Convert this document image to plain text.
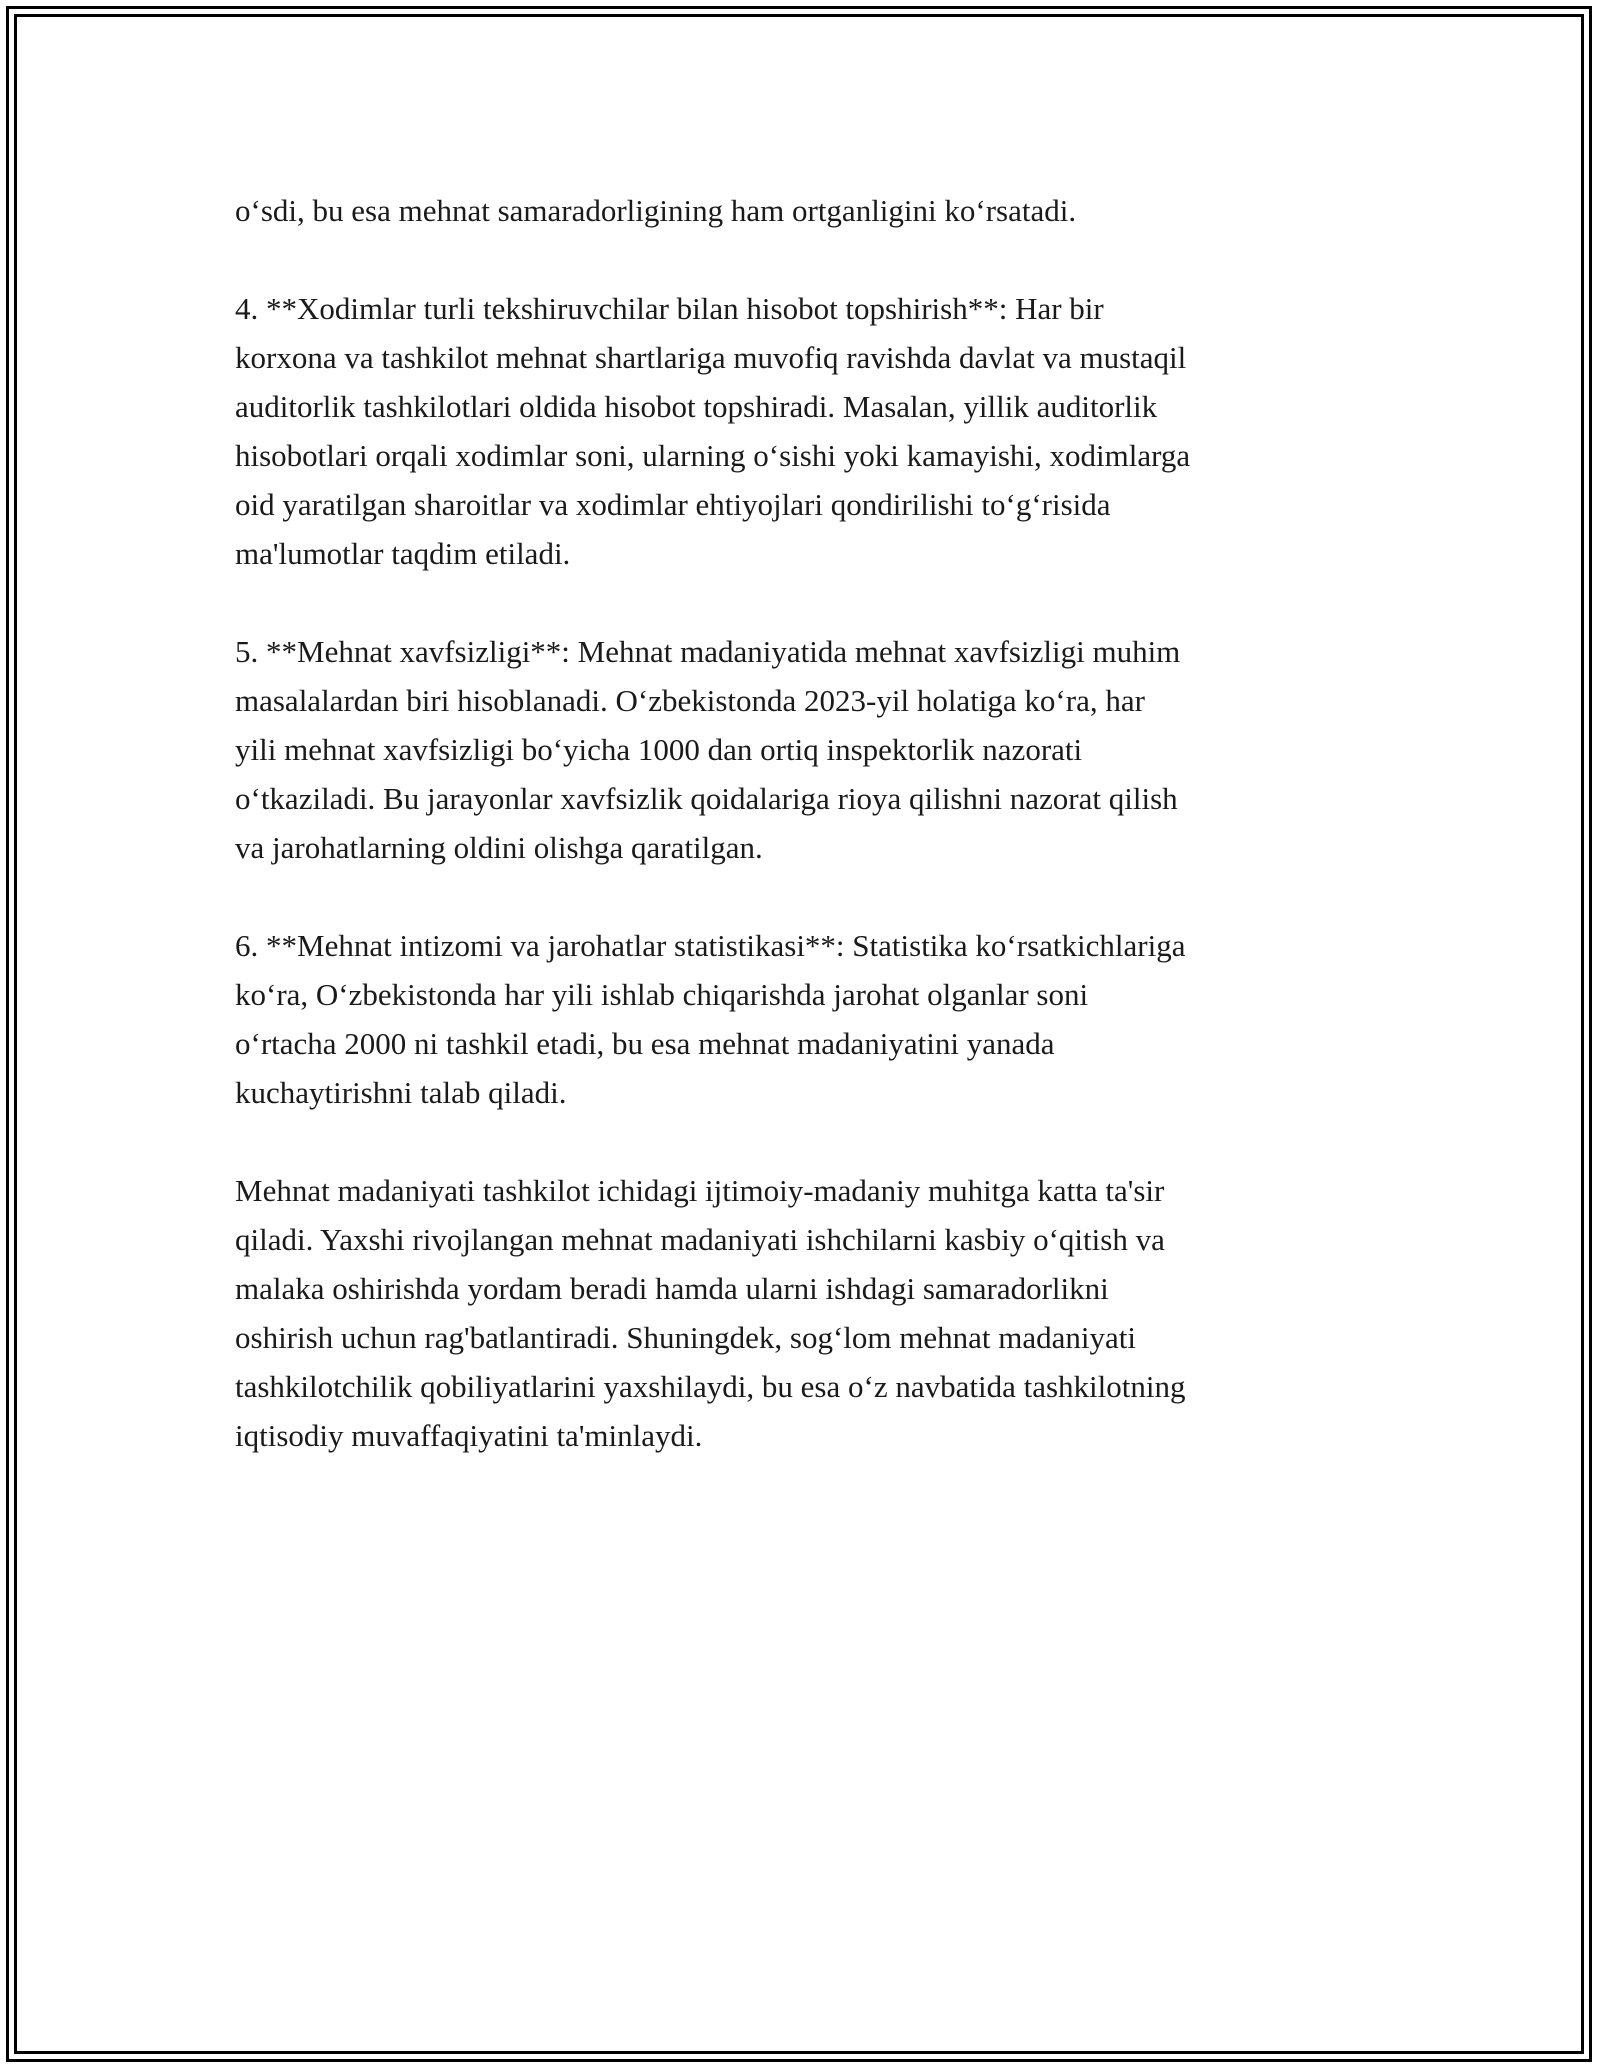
o‘sdi, bu esa mehnat samaradorligining ham ortganligini ko‘rsatadi.

4. **Xodimlar turli tekshiruvchilar bilan hisobot topshirish**: Har bir
korxona va tashkilot mehnat shartlariga muvofiq ravishda davlat va mustaqil
auditorlik tashkilotlari oldida hisobot topshiradi. Masalan, yillik auditorlik
hisobotlari orqali xodimlar soni, ularning o‘sishi yoki kamayishi, xodimlarga
oid yaratilgan sharoitlar va xodimlar ehtiyojlari qondirilishi to‘g‘risida
ma'lumotlar taqdim etiladi.

5. **Mehnat xavfsizligi**: Mehnat madaniyatida mehnat xavfsizligi muhim
masalalardan biri hisoblanadi. O‘zbekistonda 2023-yil holatiga ko‘ra, har
yili mehnat xavfsizligi bo‘yicha 1000 dan ortiq inspektorlik nazorati
o‘tkaziladi. Bu jarayonlar xavfsizlik qoidalariga rioya qilishni nazorat qilish
va jarohatlarning oldini olishga qaratilgan.

6. **Mehnat intizomi va jarohatlar statistikasi**: Statistika ko‘rsatkichlariga
ko‘ra, O‘zbekistonda har yili ishlab chiqarishda jarohat olganlar soni
o‘rtacha 2000 ni tashkil etadi, bu esa mehnat madaniyatini yanada
kuchaytirishni talab qiladi.

Mehnat madaniyati tashkilot ichidagi ijtimoiy-madaniy muhitga katta ta'sir
qiladi. Yaxshi rivojlangan mehnat madaniyati ishchilarni kasbiy o‘qitish va
malaka oshirishda yordam beradi hamda ularni ishdagi samaradorlikni
oshirish uchun rag'batlantiradi. Shuningdek, sog‘lom mehnat madaniyati
tashkilotchilik qobiliyatlarini yaxshilaydi, bu esa o‘z navbatida tashkilotning
iqtisodiy muvaffaqiyatini ta'minlaydi.
